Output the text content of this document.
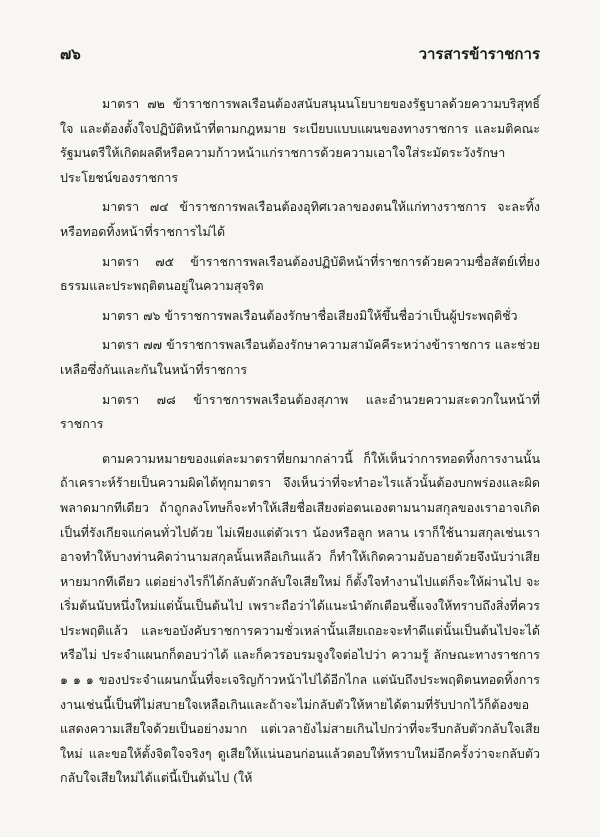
๗๖	วารสารข้าราชการ

มาตรา ๗๒ ข้าราชการพลเรือนต้องสนับสนุนนโยบายของรัฐบาลด้วยความบริสุทธิ์ใจ และต้องตั้งใจปฏิบัติหน้าที่ตามกฎหมาย ระเบียบแบบแผนของทางราชการ และมติคณะรัฐมนตรีให้เกิดผลดีหรือความก้าวหน้าแก่ราชการด้วยความเอาใจใส่ระมัดระวังรักษาประโยชน์ของราชการ

มาตรา ๗๔ ข้าราชการพลเรือนต้องอุทิศเวลาของตนให้แก่ทางราชการ จะละทิ้งหรือทอดทิ้งหน้าที่ราชการไม่ได้

มาตรา ๗๕ ข้าราชการพลเรือนต้องปฏิบัติหน้าที่ราชการด้วยความซื่อสัตย์เที่ยงธรรมและประพฤติตนอยู่ในความสุจริต

มาตรา ๗๖ ข้าราชการพลเรือนต้องรักษาชื่อเสียงมิให้ขึ้นชื่อว่าเป็นผู้ประพฤติชั่ว

มาตรา ๗๗ ข้าราชการพลเรือนต้องรักษาความสามัคคีระหว่างข้าราชการ และช่วยเหลือซึ่งกันและกันในหน้าที่ราชการ

มาตรา ๗๘ ข้าราชการพลเรือนต้องสุภาพ และอำนวยความสะดวกในหน้าที่ราชการ

ตามความหมายของแต่ละมาตราที่ยกมากล่าวนี้ ก็ให้เห็นว่าการทอดทิ้งการงานนั้นถ้าเคราะห์ร้ายเป็นความผิดได้ทุกมาตรา จึงเห็นว่าที่จะทำอะไรแล้วนั้นต้องบกพร่องและผิดพลาดมากทีเดียว ถ้าถูกลงโทษก็จะทำให้เสียชื่อเสียงต่อตนเองตามนามสกุลของเราอาจเกิดเป็นที่รังเกียจแก่คนทั่วไปด้วย ไม่เพียงแต่ตัวเรา น้องหรือลูก หลาน เราก็ใช้นามสกุลเช่นเราอาจทำให้บางท่านคิดว่านามสกุลนั้นเหลือเกินแล้ว ก็ทำให้เกิดความอับอายด้วยจึงนับว่าเสียหายมากทีเดียว แต่อย่างไรก็ได้กลับตัวกลับใจเสียใหม่ ก็ตั้งใจทำงานไปแต่ก็จะให้ผ่านไป จะเริ่มต้นนับหนึ่งใหม่แต่นั้นเป็นต้นไป เพราะถือว่าได้แนะนำตักเตือนชี้แจงให้ทราบถึงสิ่งที่ควรประพฤติแล้ว และขอบังคับราชการความชั่วเหล่านั้นเสียเถอะจะทำดีแต่นั้นเป็นต้นไปจะได้หรือไม่ ประจำแผนกก็ตอบว่าได้ และก็ควรอบรมจูงใจต่อไปว่า ความรู้ ลักษณะทางราชการ ๑ ๑ ๑ ของประจำแผนกนั้นที่จะเจริญก้าวหน้าไปได้อีกไกล แต่นับถึงประพฤติตนทอดทิ้งการงานเช่นนี้เป็นที่ไม่สบายใจเหลือเกินและถ้าจะไม่กลับตัวให้หายได้ตามที่รับปากไว้ก็ต้องขอแสดงความเสียใจด้วยเป็นอย่างมาก แต่เวลายังไม่สายเกินไปกว่าที่จะรีบกลับตัวกลับใจเสียใหม่ และขอให้ตั้งจิตใจจริงๆ ดูเสียให้แน่นอนก่อนแล้วตอบให้ทราบใหม่อีกครั้งว่าจะกลับตัวกลับใจเสียใหม่ได้แต่นี้เป็นต้นไป (ให้
